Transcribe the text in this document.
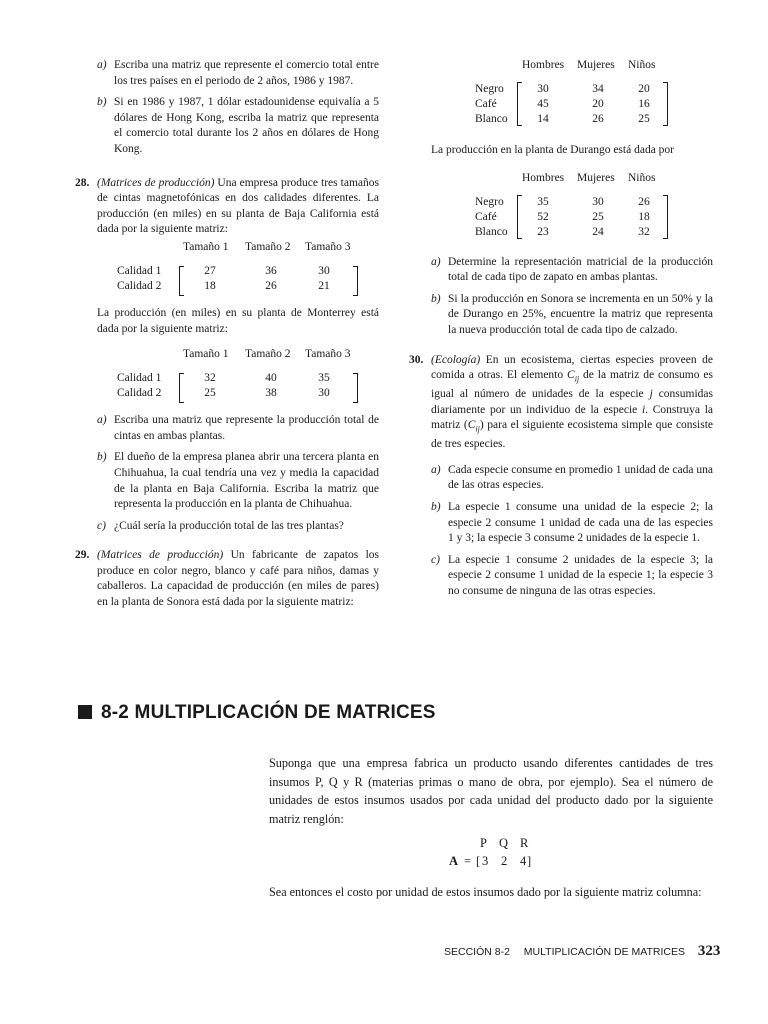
a) Escriba una matriz que represente el comercio total entre los tres países en el periodo de 2 años, 1986 y 1987.
b) Si en 1986 y 1987, 1 dólar estadounidense equivalía a 5 dólares de Hong Kong, escriba la matriz que representa el comercio total durante los 2 años en dólares de Hong Kong.
28. (Matrices de producción) Una empresa produce tres tamaños de cintas magnetofónicas en dos calidades diferentes. La producción (en miles) en su planta de Baja California está dada por la siguiente matriz:
Tamaño 1 Tamaño 2 Tamaño 3
Calidad 1	27	36	30
Calidad 2	18	26	21

La producción (en miles) en su planta de Monterrey está dada por la siguiente matriz:

Tamaño 1 Tamaño 2 Tamaño 3
Calidad 1	32	40	35
Calidad 2	25	38	30
a) Escriba una matriz que represente la producción total de cintas en ambas plantas.
b) El dueño de la empresa planea abrir una tercera planta en Chihuahua, la cual tendría una vez y media la capacidad de la planta en Baja California. Escriba la matriz que representa la producción en la planta de Chihuahua.
c) ¿Cuál sería la producción total de las tres plantas?
29. (Matrices de producción) Un fabricante de zapatos los produce en color negro, blanco y café para niños, damas y caballeros. La capacidad de producción (en miles de pares) en la planta de Sonora está dada por la siguiente matriz:
Hombres Mujeres Niños
Negro	30	34	20
Café	45	20	16
Blanco	14	26	25

La producción en la planta de Durango está dada por

Hombres Mujeres Niños
Negro	35	30	26
Café	52	25	18
Blanco	23	24	32
a) Determine la representación matricial de la producción total de cada tipo de zapato en ambas plantas.
b) Si la producción en Sonora se incrementa en un 50% y la de Durango en 25%, encuentre la matriz que representa la nueva producción total de cada tipo de calzado.
30. (Ecología) En un ecosistema, ciertas especies proveen de comida a otras. El elemento $C_{ij}$ de la matriz de consumo es igual al número de unidades de la especie j consumidas diariamente por un individuo de la especie i. Construya la matriz $(C_{ij})$ para el siguiente ecosistema simple que consiste de tres especies.
a) Cada especie consume en promedio 1 unidad de cada una de las otras especies.
b) La especie 1 consume una unidad de la especie 2; la especie 2 consume 1 unidad de cada una de las especies 1 y 3; la especie 3 consume 2 unidades de la especie 1.
c) La especie 1 consume 2 unidades de la especie 3; la especie 2 consume 1 unidad de la especie 1; la especie 3 no consume de ninguna de las otras especies.
8-2 MULTIPLICACIÓN DE MATRICES
Suponga que una empresa fabrica un producto usando diferentes cantidades de tres insumos P, Q y R (materias primas o mano de obra, por ejemplo). Sea el número de unidades de estos insumos usados por cada unidad del producto dado por la siguiente matriz renglón:
P Q R
A = [ 3 2 4 ]
Sea entonces el costo por unidad de estos insumos dado por la siguiente matriz columna:
SECCIÓN 8-2 MULTIPLICACIÓN DE MATRICES 323
